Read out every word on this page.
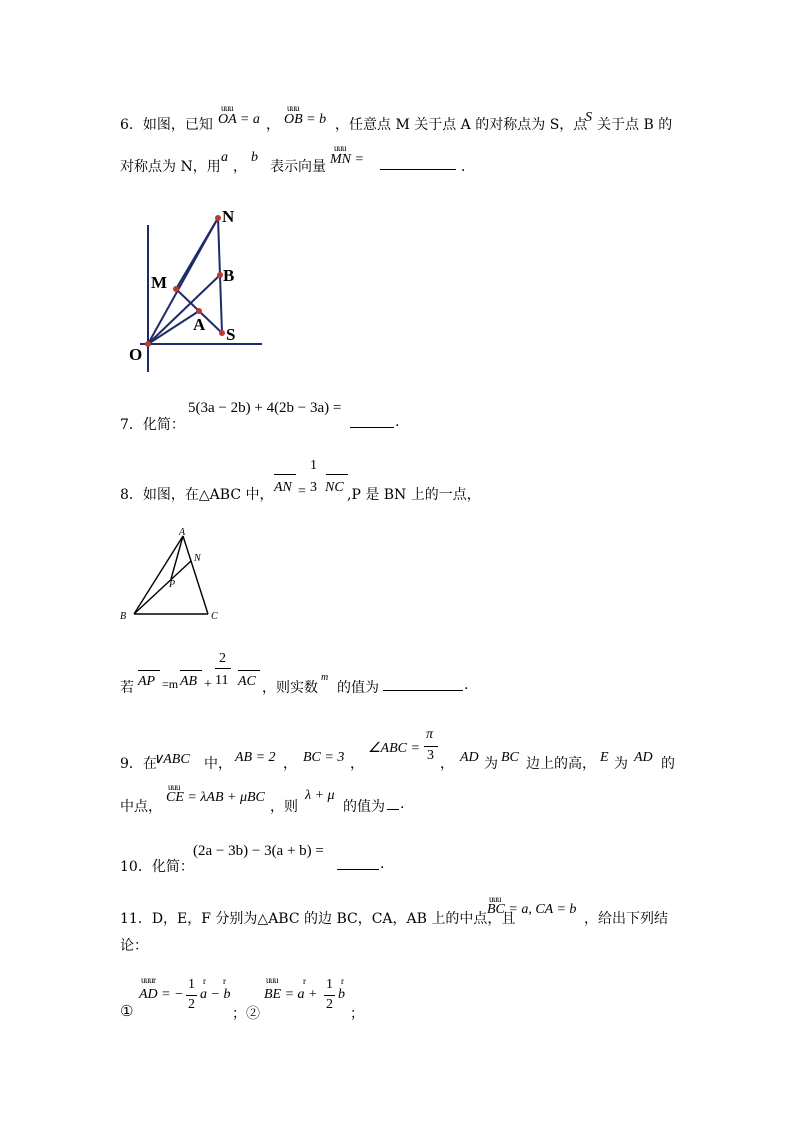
6．如图，已知
uuu
OA = a ，
uuu
OB = b ，任意点 M 关于点 A 的对称点为 S，点
S 关于点 B 的
对称点为 N，用
a
，
b
表示向量
uuu
MN =	．
N
M	B
A
S
O
7．化简：
5(3a − 2b) + 4(2b − 3a) =
.
8．如图，在△ABC 中， AN =
1
3 NC ,P 是 BN 上的一点，
A
N
P
B	C
若 AP =m AB +
2
11 AC ，则实数
m
的值为	.
9．在
∨ABC 中， AB = 2 ， BC = 3 ，
∠ABC =
π
3
， AD 为 BC 边上的高， E 为 AD 的
中点，
uuu
CE = λAB + μBC
，则
λ + μ
的值为 .
10．化简：
(2a − 3b) − 3(a + b) =
.
11．D，E，F 分别为△ABC 的边 BC，CA，AB 上的中点，且
uuu
BC = a, CA = b
，给出下列结
论：
uuur
①
AD = −
1
2
r r
a − b
；②
uuu
BE = a +
r 1
2
r
b
；
